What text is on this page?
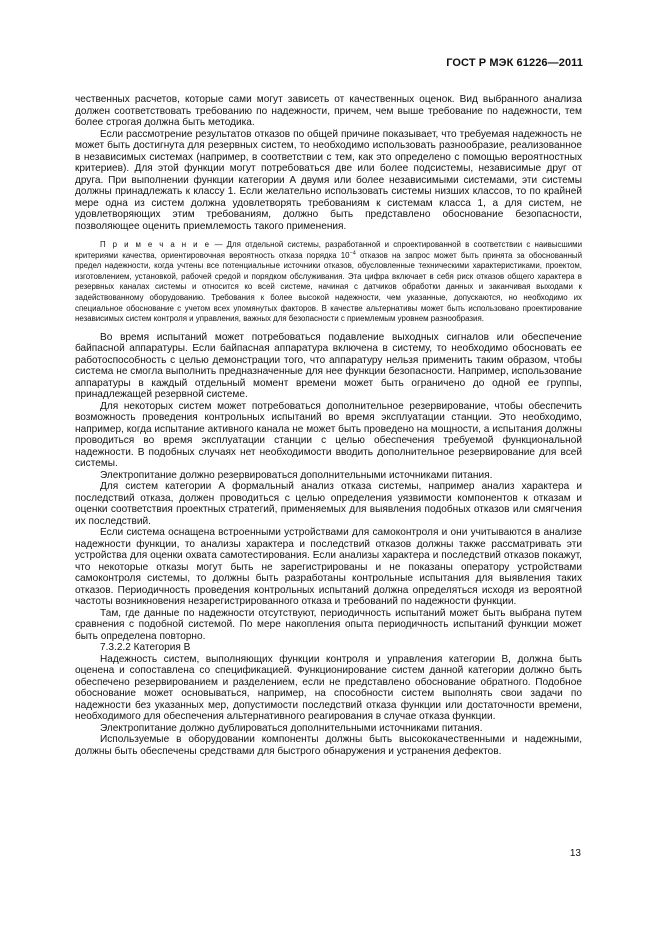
ГОСТ Р МЭК 61226—2011

чественных расчетов, которые сами могут зависеть от качественных оценок. Вид выбранного анализа должен соответствовать требованию по надежности, причем, чем выше требование по надежности, тем более строгая должна быть методика.

Если рассмотрение результатов отказов по общей причине показывает, что требуемая надежность не может быть достигнута для резервных систем, то необходимо использовать разнообразие, реализованное в независимых системах (например, в соответствии с тем, как это определено с помощью вероятностных критериев). Для этой функции могут потребоваться две или более подсистемы, независимые друг от друга. При выполнении функции категории А двумя или более независимыми системами, эти системы должны принадлежать к классу 1. Если желательно использовать системы низших классов, то по крайней мере одна из систем должна удовлетворять требованиям к системам класса 1, а для систем, не удовлетворяющих этим требованиям, должно быть представлено обоснование безопасности, позволяющее оценить приемлемость такого применения.

П р и м е ч а н и е — Для отдельной системы, разработанной и спроектированной в соответствии с наивысшими критериями качества, ориентировочная вероятность отказа порядка $10^{-4}$ отказов на запрос может быть принята за обоснованный предел надежности, когда учтены все потенциальные источники отказов, обусловленные техническими характеристиками, проектом, изготовлением, установкой, рабочей средой и порядком обслуживания. Эта цифра включает в себя риск отказов общего характера в резервных каналах системы и относится ко всей системе, начиная с датчиков обработки данных и заканчивая выходами к задействованному оборудованию. Требования к более высокой надежности, чем указанные, допускаются, но необходимо их специальное обоснование с учетом всех упомянутых факторов. В качестве альтернативы может быть использовано проектирование независимых систем контроля и управления, важных для безопасности с приемлемым уровнем разнообразия.

Во время испытаний может потребоваться подавление выходных сигналов или обеспечение байпасной аппаратуры. Если байпасная аппаратура включена в систему, то необходимо обосновать ее работоспособность с целью демонстрации того, что аппаратуру нельзя применить таким образом, чтобы система не смогла выполнить предназначенные для нее функции безопасности. Например, использование аппаратуры в каждый отдельный момент времени может быть ограничено до одной ее группы, принадлежащей резервной системе.

Для некоторых систем может потребоваться дополнительное резервирование, чтобы обеспечить возможность проведения контрольных испытаний во время эксплуатации станции. Это необходимо, например, когда испытание активного канала не может быть проведено на мощности, а испытания должны проводиться во время эксплуатации станции с целью обеспечения требуемой функциональной надежности. В подобных случаях нет необходимости вводить дополнительное резервирование для всей системы.

Электропитание должно резервироваться дополнительными источниками питания.

Для систем категории А формальный анализ отказа системы, например анализ характера и последствий отказа, должен проводиться с целью определения уязвимости компонентов к отказам и оценки соответствия проектных стратегий, применяемых для выявления подобных отказов или смягчения их последствий.

Если система оснащена встроенными устройствами для самоконтроля и они учитываются в анализе надежности функции, то анализы характера и последствий отказов должны также рассматривать эти устройства для оценки охвата самотестирования. Если анализы характера и последствий отказов покажут, что некоторые отказы могут быть не зарегистрированы и не показаны оператору устройствами самоконтроля системы, то должны быть разработаны контрольные испытания для выявления таких отказов. Периодичность проведения контрольных испытаний должна определяться исходя из вероятной частоты возникновения незарегистрированного отказа и требований по надежности функции.

Там, где данные по надежности отсутствуют, периодичность испытаний может быть выбрана путем сравнения с подобной системой. По мере накопления опыта периодичность испытаний функции может быть определена повторно.

7.3.2.2 Категория В

Надежность систем, выполняющих функции контроля и управления категории В, должна быть оценена и сопоставлена со спецификацией. Функционирование систем данной категории должно быть обеспечено резервированием и разделением, если не представлено обоснование обратного. Подобное обоснование может основываться, например, на способности систем выполнять свои задачи по надежности без указанных мер, допустимости последствий отказа функции или достаточности времени, необходимого для обеспечения альтернативного реагирования в случае отказа функции.

Электропитание должно дублироваться дополнительными источниками питания.

Используемые в оборудовании компоненты должны быть высококачественными и надежными, должны быть обеспечены средствами для быстрого обнаружения и устранения дефектов.

13
